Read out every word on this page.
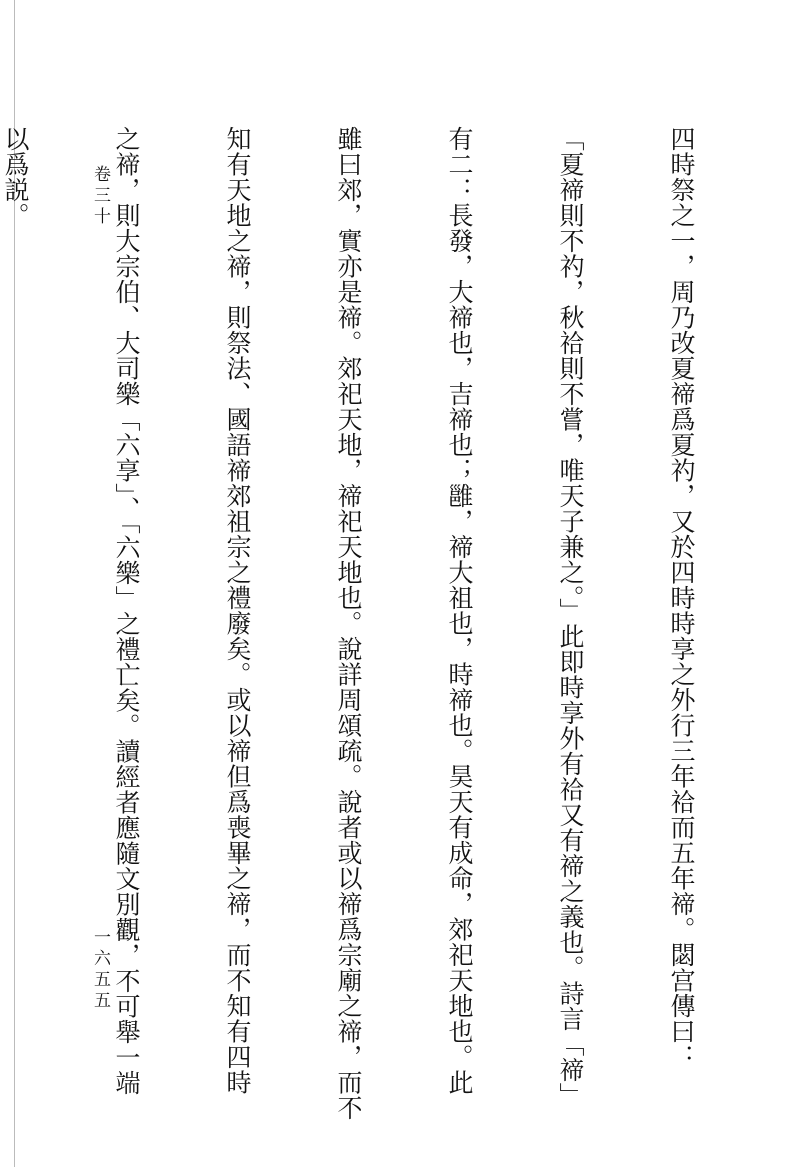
卷三十
一六五五

	四時祭之一，周乃改夏禘爲夏礿，又於四時時享之外行三年祫而五年禘。閟宫傳曰：

「夏禘則不礿，秋祫則不嘗，唯天子兼之。」此即時享外有祫又有禘之義也。詩言「禘」

有二：長發，大禘也，吉禘也；雝，禘大祖也，時禘也。昊天有成命，郊祀天地也。此

雖曰郊，實亦是禘。郊祀天地，禘祀天地也。說詳周頌疏。說者或以禘爲宗廟之禘，而不

知有天地之禘，則祭法、國語禘郊祖宗之禮廢矣。或以禘但爲喪畢之禘，而不知有四時

之禘，則大宗伯、大司樂「六享」、「六樂」之禮亡矣。讀經者應隨文別觀，不可舉一端

以爲説。
